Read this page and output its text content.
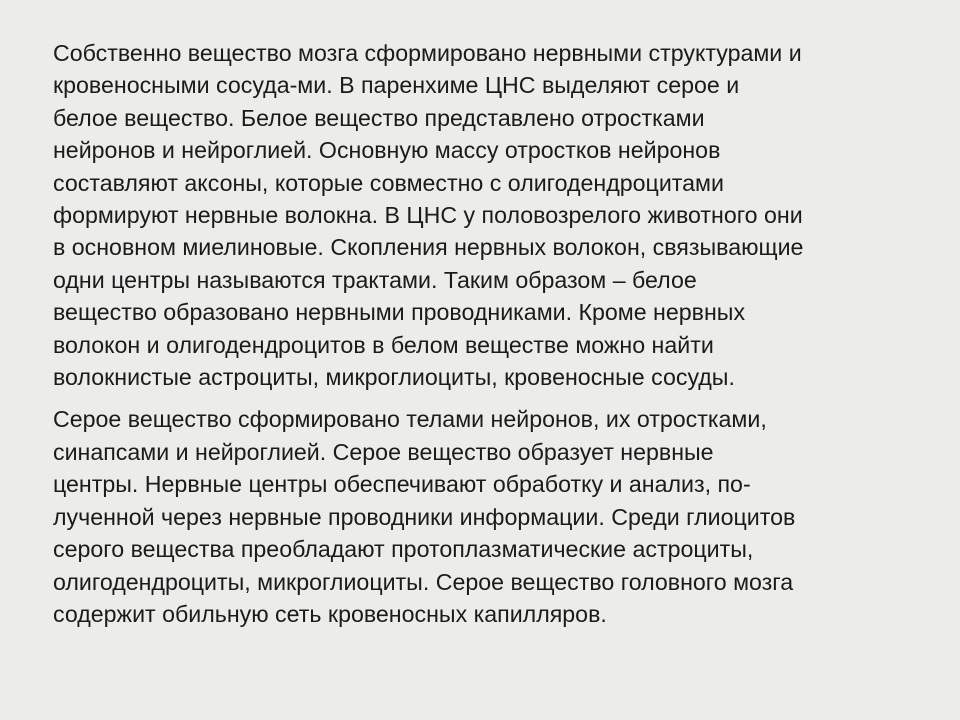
Собственно вещество мозга сформировано нервными структурами и
кровеносными сосуда-ми. В паренхиме ЦНС выделяют серое и
белое вещество. Белое вещество представлено отростками
нейронов и нейроглией. Основную массу отростков нейронов
составляют аксоны, которые совместно с олигодендроцитами
формируют нервные волокна. В ЦНС у половозрелого животного они
в основном миелиновые. Скопления нервных волокон, связывающие
одни центры называются трактами. Таким образом – белое
вещество образовано нервными проводниками. Кроме нервных
волокон и олигодендроцитов в белом веществе можно найти
волокнистые астроциты, микроглиоциты, кровеносные сосуды.
Серое вещество сформировано телами нейронов, их отростками,
синапсами и нейроглией. Серое вещество образует нервные
центры. Нервные центры обеспечивают обработку и анализ, по-
лученной через нервные проводники информации. Среди глиоцитов
серого вещества преобладают протоплазматические астроциты,
олигодендроциты, микроглиоциты. Серое вещество головного мозга
содержит обильную сеть кровеносных капилляров.
